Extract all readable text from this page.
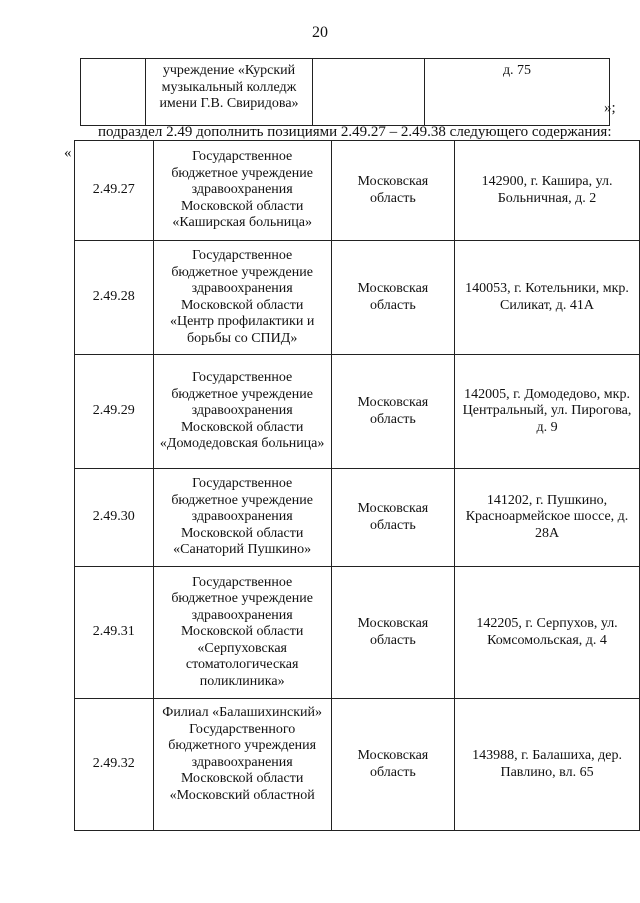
20
	учреждение «Курский музыкальный колледж имени Г.В. Свиридова»		д. 75
»;
подраздел 2.49 дополнить позициями 2.49.27 – 2.49.38 следующего содержания:
«
2.49.27	Государственное бюджетное учреждение здравоохранения Московской области «Каширская больница»	Московская область	142900, г. Кашира, ул. Больничная, д. 2
2.49.28	Государственное бюджетное учреждение здравоохранения Московской области «Центр профилактики и борьбы со СПИД»	Московская область	140053, г. Котельники, мкр. Силикат, д. 41А
2.49.29	Государственное бюджетное учреждение здравоохранения Московской области «Домодедовская больница»	Московская область	142005, г. Домодедово, мкр. Центральный, ул. Пирогова, д. 9
2.49.30	Государственное бюджетное учреждение здравоохранения Московской области «Санаторий Пушкино»	Московская область	141202, г. Пушкино, Красноармейское шоссе, д. 28А
2.49.31	Государственное бюджетное учреждение здравоохранения Московской области «Серпуховская стоматологическая поликлиника»	Московская область	142205, г. Серпухов, ул. Комсомольская, д. 4
2.49.32	Филиал «Балашихинский» Государственного бюджетного учреждения здравоохранения Московской области «Московский областной	Московская область	143988, г. Балашиха, дер. Павлино, вл. 65
